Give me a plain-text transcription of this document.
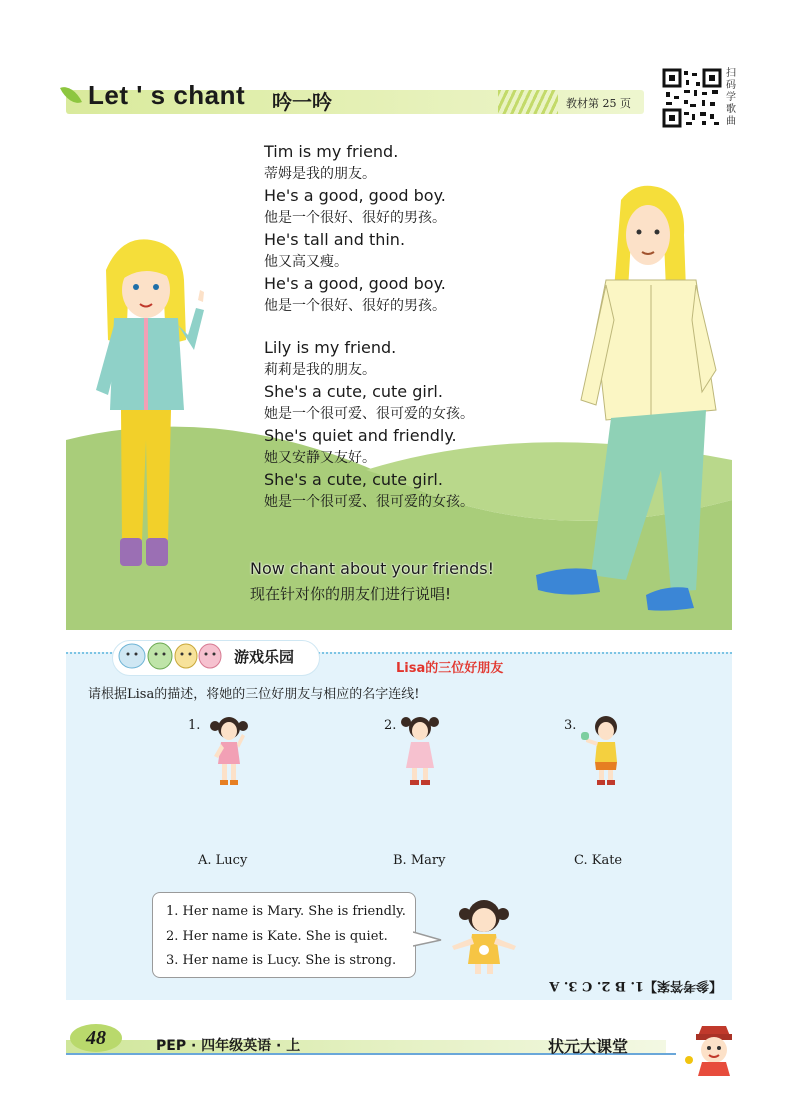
Let ' s chant 吟一吟	教材第 25 页
扫码学歌曲
Tim is my friend.
蒂姆是我的朋友。
He's a good, good boy.
他是一个很好、很好的男孩。
He's tall and thin.
他又高又瘦。
He's a good, good boy.
他是一个很好、很好的男孩。
Lily is my friend.
莉莉是我的朋友。
She's a cute, cute girl.
她是一个很可爱、很可爱的女孩。
She's quiet and friendly.
她又安静又友好。
She's a cute, cute girl.
她是一个很可爱、很可爱的女孩。
Now chant about your friends!
现在针对你的朋友们进行说唱!
游戏乐园
Lisa的三位好朋友
请根据Lisa的描述，将她的三位好朋友与相应的名字连线!
1.	2.	3.
A. Lucy	B. Mary	C. Kate
1. Her name is Mary. She is friendly.
2. Her name is Kate. She is quiet.
3. Her name is Lucy. She is strong.
【参考答案】1. B 2. C 3. A
48	PEP · 四年级英语 · 上	状元大课堂
